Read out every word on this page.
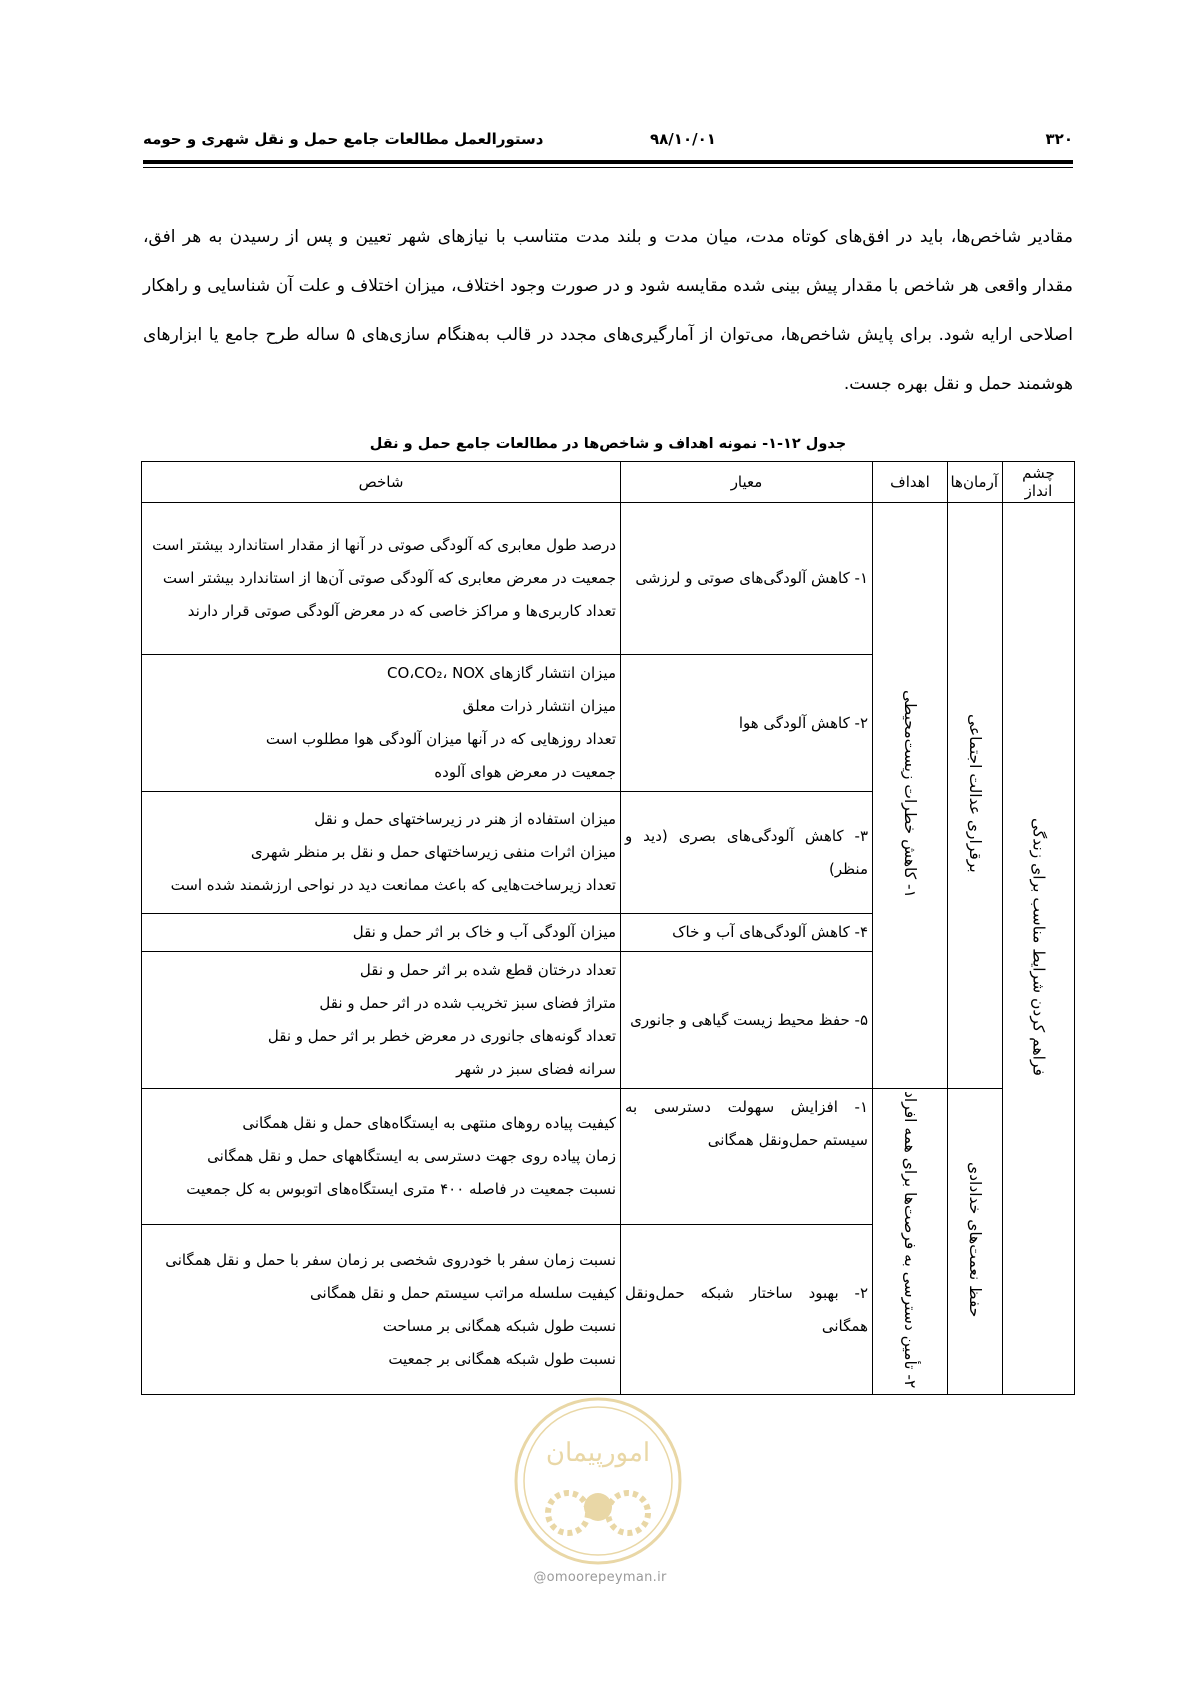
۳۲۰
۹۸/۱۰/۰۱
دستورالعمل مطالعات جامع حمل و نقل شهری و حومه
مقادیر شاخص‌ها، باید در افق‌های کوتاه مدت، میان مدت و بلند مدت متناسب با نیازهای شهر تعیین و پس از رسیدن به هر افق، مقدار واقعی هر شاخص با مقدار پیش بینی شده مقایسه شود و در صورت وجود اختلاف، میزان اختلاف و علت آن شناسایی و راهکار اصلاحی ارایه شود. برای پایش شاخص‌ها، می‌توان از آمارگیری‌های مجدد در قالب به‌هنگام سازی‌های ۵ ساله طرح جامع یا ابزارهای هوشمند حمل و نقل بهره جست.
جدول ۱۲-۱- نمونه اهداف و شاخص‌ها در مطالعات جامع حمل و نقل
چشم انداز	آرمان‌ها	اهداف	معیار	شاخص
فراهم کردن شرایط مناسب برای زندگی	برقراری عدالت اجتماعی	۱- کاهش خطرات زیست‌محیطی	۱- کاهش آلودگی‌های صوتی و لرزشی	درصد طول معابری که آلودگی صوتی در آنها از مقدار استاندارد بیشتر است
جمعیت در معرض معابری که آلودگی صوتی آن‌ها از استاندارد بیشتر است
تعداد کاربری‌ها و مراکز خاصی که در معرض آلودگی صوتی قرار دارند

			۲- کاهش آلودگی هوا	میزان انتشار گازهای CO،CO₂، NOX
میزان انتشار ذرات معلق
تعداد روزهایی که در آنها میزان آلودگی هوا مطلوب است
جمعیت در معرض هوای آلوده

			۳- کاهش آلودگی‌های بصری (دید و منظر)	میزان استفاده از هنر در زیرساختهای حمل و نقل
میزان اثرات منفی زیرساختهای حمل و نقل بر منظر شهری
تعداد زیرساخت‌هایی که باعث ممانعت دید در نواحی ارزشمند شده است

			۴- کاهش آلودگی‌های آب و خاک	میزان آلودگی آب و خاک بر اثر حمل و نقل

			۵- حفظ محیط زیست گیاهی و جانوری	تعداد درختان قطع شده بر اثر حمل و نقل
متراژ فضای سبز تخریب شده در اثر حمل و نقل
تعداد گونه‌های جانوری در معرض خطر بر اثر حمل و نقل
سرانه فضای سبز در شهر

	حفظ نعمت‌های خدادادی	۲- تأمین دسترسی به فرصت‌ها برای همه افراد	۱- افزایش سهولت دسترسی به سیستم حمل‌ونقل همگانی	کیفیت پیاده روهای منتهی به ایستگاه‌های حمل و نقل همگانی
زمان پیاده روی جهت دسترسی به ایستگاههای حمل و نقل همگانی
نسبت جمعیت در فاصله ۴۰۰ متری ایستگاه‌های اتوبوس به کل جمعیت

			۲- بهبود ساختار شبکه حمل‌ونقل همگانی	نسبت زمان سفر با خودروی شخصی بر زمان سفر با حمل و نقل همگانی
کیفیت سلسله مراتب سیستم حمل و نقل همگانی
نسبت طول شبکه همگانی بر مساحت
نسبت طول شبکه همگانی بر جمعیت
امورپیمان
@omoorepeyman.ir
